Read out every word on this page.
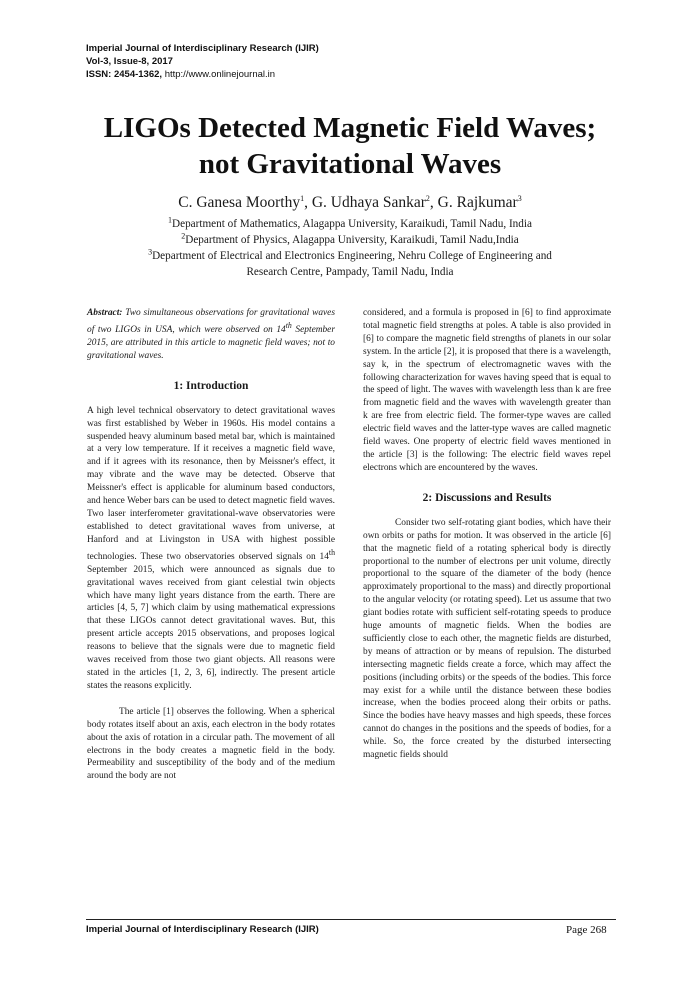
Imperial Journal of Interdisciplinary Research (IJIR)
Vol-3, Issue-8, 2017
ISSN: 2454-1362, http://www.onlinejournal.in
LIGOs Detected Magnetic Field Waves;
not Gravitational Waves
C. Ganesa Moorthy$^1$, G. Udhaya Sankar$^2$, G. Rajkumar$^3$
$^1$Department of Mathematics, Alagappa University, Karaikudi, Tamil Nadu, India
$^2$Department of Physics, Alagappa University, Karaikudi, Tamil Nadu,India
$^3$Department of Electrical and Electronics Engineering, Nehru College of Engineering and
Research Centre, Pampady, Tamil Nadu, India

Abstract: Two simultaneous observations for gravitational waves of two LIGOs in USA, which were observed on 14th September 2015, are attributed in this article to magnetic field waves; not to gravitational waves.

1: Introduction

A high level technical observatory to detect gravitational waves was first established by Weber in 1960s. His model contains a suspended heavy aluminum based metal bar, which is maintained at a very low temperature. If it receives a magnetic field wave, and if it agrees with its resonance, then by Meissner's effect, it may vibrate and the wave may be detected. Observe that Meissner's effect is applicable for aluminum based conductors, and hence Weber bars can be used to detect magnetic field waves. Two laser interferometer gravitational-wave observatories were established to detect gravitational waves from universe, at Hanford and at Livingston in USA with highest possible technologies. These two observatories observed signals on 14th September 2015, which were announced as signals due to gravitational waves received from giant celestial twin objects which have many light years distance from the earth. There are articles [4, 5, 7] which claim by using mathematical expressions that these LIGOs cannot detect gravitational waves. But, this present article accepts 2015 observations, and proposes logical reasons to believe that the signals were due to magnetic field waves received from those two giant objects. All reasons were stated in the articles [1, 2, 3, 6], indirectly. The present article states the reasons explicitly.

The article [1] observes the following. When a spherical body rotates itself about an axis, each electron in the body rotates about the axis of rotation in a circular path. The movement of all electrons in the body creates a magnetic field in the body. Permeability and susceptibility of the body and of the medium around the body are not

considered, and a formula is proposed in [6] to find approximate total magnetic field strengths at poles. A table is also provided in [6] to compare the magnetic field strengths of planets in our solar system. In the article [2], it is proposed that there is a wavelength, say k, in the spectrum of electromagnetic waves with the following characterization for waves having speed that is equal to the speed of light. The waves with wavelength less than k are free from magnetic field and the waves with wavelength greater than k are free from electric field. The former-type waves are called electric field waves and the latter-type waves are called magnetic field waves. One property of electric field waves mentioned in the article [3] is the following: The electric field waves repel electrons which are encountered by the waves.

2: Discussions and Results

Consider two self-rotating giant bodies, which have their own orbits or paths for motion. It was observed in the article [6] that the magnetic field of a rotating spherical body is directly proportional to the number of electrons per unit volume, directly proportional to the square of the diameter of the body (hence approximately proportional to the mass) and directly proportional to the angular velocity (or rotating speed). Let us assume that two giant bodies rotate with sufficient self-rotating speeds to produce huge amounts of magnetic fields. When the bodies are sufficiently close to each other, the magnetic fields are disturbed, by means of attraction or by means of repulsion. The disturbed intersecting magnetic fields create a force, which may affect the positions (including orbits) or the speeds of the bodies. This force may exist for a while until the distance between these bodies increase, when the bodies proceed along their orbits or paths. Since the bodies have heavy masses and high speeds, these forces cannot do changes in the positions and the speeds of bodies, for a while. So, the force created by the disturbed intersecting magnetic fields should

Imperial Journal of Interdisciplinary Research (IJIR)	Page 268
